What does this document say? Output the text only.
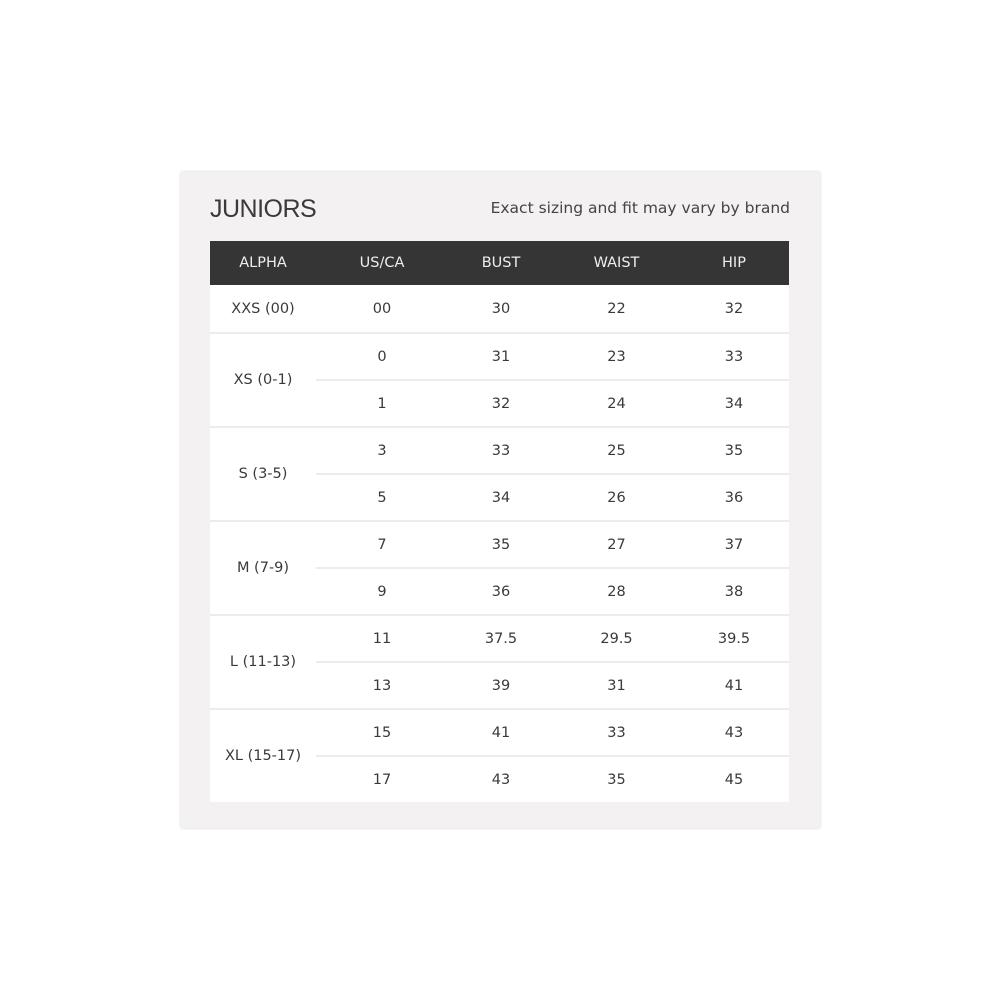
JUNIORS	Exact sizing and fit may vary by brand
ALPHA	US/CA	BUST	WAIST	HIP
XXS (00)	00	30	22	32
XS (0-1)
0	31	23	33
1	32	24	34
S (3-5)
3	33	25	35
5	34	26	36
M (7-9)
7	35	27	37
9	36	28	38
L (11-13)
11	37.5	29.5	39.5
13	39	31	41
XL (15-17)
15	41	33	43
17	43	35	45
